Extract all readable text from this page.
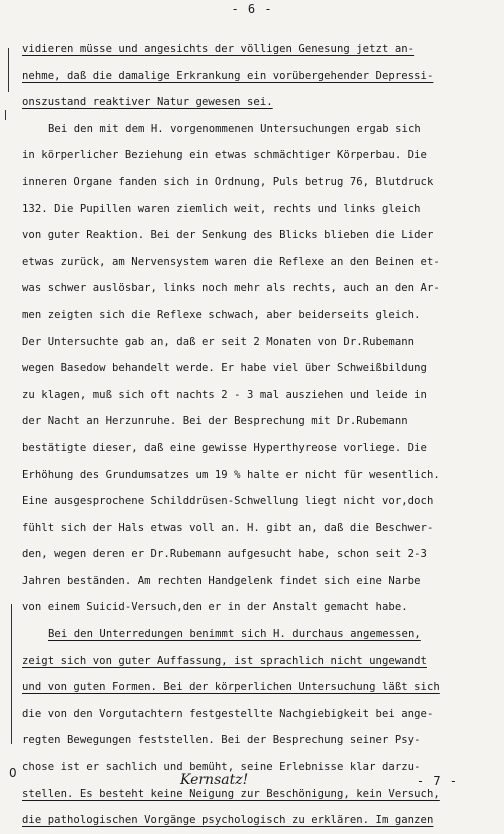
- 6 -
0
vidieren müsse und angesichts der völligen Genesung jetzt an-
nehme, daß die damalige Erkrankung ein vorübergehender Depressi-
onszustand reaktiver Natur gewesen sei.
Bei den mit dem H. vorgenommenen Untersuchungen ergab sich
in körperlicher Beziehung ein etwas schmächtiger Körperbau. Die
inneren Organe fanden sich in Ordnung, Puls betrug 76, Blutdruck
132. Die Pupillen waren ziemlich weit, rechts und links gleich
von guter Reaktion. Bei der Senkung des Blicks blieben die Lider
etwas zurück, am Nervensystem waren die Reflexe an den Beinen et-
was schwer auslösbar, links noch mehr als rechts, auch an den Ar-
men zeigten sich die Reflexe schwach, aber beiderseits gleich.
Der Untersuchte gab an, daß er seit 2 Monaten von Dr.Rubemann
wegen Basedow behandelt werde. Er habe viel über Schweißbildung
zu klagen, muß sich oft nachts 2 - 3 mal ausziehen und leide in
der Nacht an Herzunruhe. Bei der Besprechung mit Dr.Rubemann
bestätigte dieser, daß eine gewisse Hyperthyreose vorliege. Die
Erhöhung des Grundumsatzes um 19 % halte er nicht für wesentlich.
Eine ausgesprochene Schilddrüsen-Schwellung liegt nicht vor,doch
fühlt sich der Hals etwas voll an. H. gibt an, daß die Beschwer-
den, wegen deren er Dr.Rubemann aufgesucht habe, schon seit 2-3
Jahren beständen. Am rechten Handgelenk findet sich eine Narbe
von einem Suicid-Versuch,den er in der Anstalt gemacht habe.
Bei den Unterredungen benimmt sich H. durchaus angemessen,
zeigt sich von guter Auffassung, ist sprachlich nicht ungewandt
und von guten Formen. Bei der körperlichen Untersuchung läßt sich
die von den Vorgutachtern festgestellte Nachgiebigkeit bei ange-
regten Bewegungen feststellen. Bei der Besprechung seiner Psy-
chose ist er sachlich und bemüht, seine Erlebnisse klar darzu-
stellen. Es besteht keine Neigung zur Beschönigung, kein Versuch,
die pathologischen Vorgänge psychologisch zu erklären. Im ganzen
Kernsatz!	- 7 -
